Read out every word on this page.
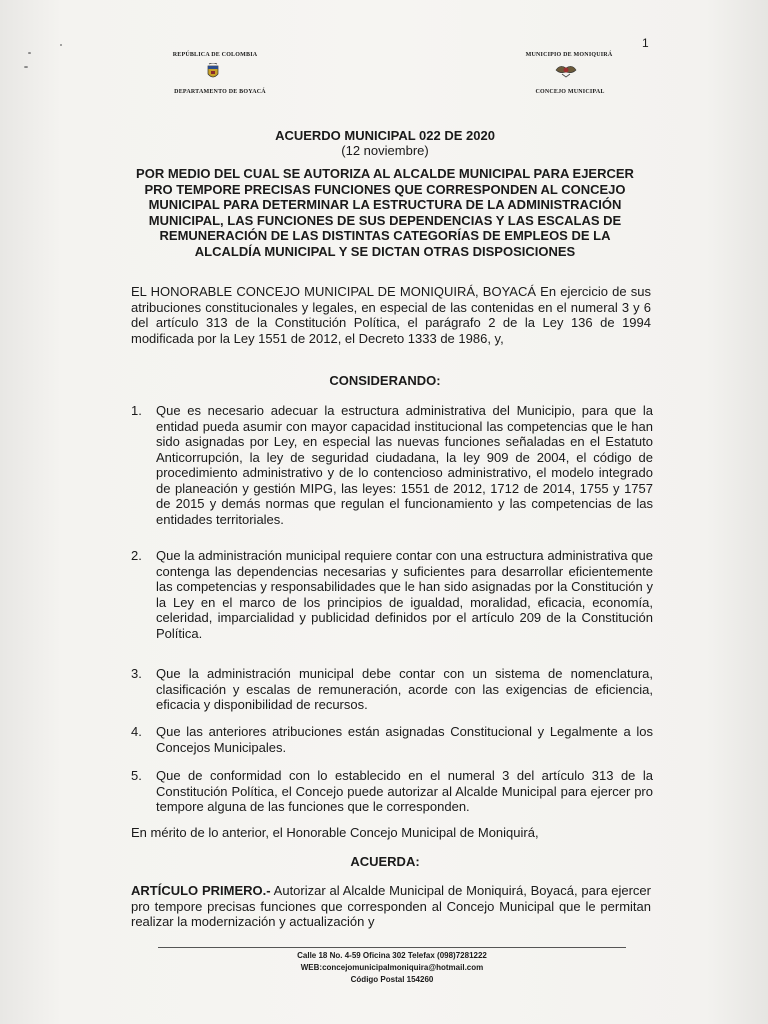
1
REPÚBLICA DE COLOMBIA
DEPARTAMENTO DE BOYACÁ
MUNICIPIO DE MONIQUIRÁ
CONCEJO MUNICIPAL
ACUERDO MUNICIPAL 022 DE 2020
(12 noviembre)
POR MEDIO DEL CUAL SE AUTORIZA AL ALCALDE MUNICIPAL PARA EJERCER PRO TEMPORE PRECISAS FUNCIONES QUE CORRESPONDEN AL CONCEJO MUNICIPAL PARA DETERMINAR LA ESTRUCTURA DE LA ADMINISTRACIÓN MUNICIPAL, LAS FUNCIONES DE SUS DEPENDENCIAS Y LAS ESCALAS DE REMUNERACIÓN DE LAS DISTINTAS CATEGORÍAS DE EMPLEOS DE LA ALCALDÍA MUNICIPAL Y SE DICTAN OTRAS DISPOSICIONES
EL HONORABLE CONCEJO MUNICIPAL DE MONIQUIRÁ, BOYACÁ En ejercicio de sus atribuciones constitucionales y legales, en especial de las contenidas en el numeral 3 y 6 del artículo 313 de la Constitución Política, el parágrafo 2 de la Ley 136 de 1994 modificada por la Ley 1551 de 2012, el Decreto 1333 de 1986, y,
CONSIDERANDO:
1. Que es necesario adecuar la estructura administrativa del Municipio, para que la entidad pueda asumir con mayor capacidad institucional las competencias que le han sido asignadas por Ley, en especial las nuevas funciones señaladas en el Estatuto Anticorrupción, la ley de seguridad ciudadana, la ley 909 de 2004, el código de procedimiento administrativo y de lo contencioso administrativo, el modelo integrado de planeación y gestión MIPG, las leyes: 1551 de 2012, 1712 de 2014, 1755 y 1757 de 2015 y demás normas que regulan el funcionamiento y las competencias de las entidades territoriales.
2. Que la administración municipal requiere contar con una estructura administrativa que contenga las dependencias necesarias y suficientes para desarrollar eficientemente las competencias y responsabilidades que le han sido asignadas por la Constitución y la Ley en el marco de los principios de igualdad, moralidad, eficacia, economía, celeridad, imparcialidad y publicidad definidos por el artículo 209 de la Constitución Política.
3. Que la administración municipal debe contar con un sistema de nomenclatura, clasificación y escalas de remuneración, acorde con las exigencias de eficiencia, eficacia y disponibilidad de recursos.
4. Que las anteriores atribuciones están asignadas Constitucional y Legalmente a los Concejos Municipales.
5. Que de conformidad con lo establecido en el numeral 3 del artículo 313 de la Constitución Política, el Concejo puede autorizar al Alcalde Municipal para ejercer pro tempore alguna de las funciones que le corresponden.
En mérito de lo anterior, el Honorable Concejo Municipal de Moniquirá,
ACUERDA:
ARTÍCULO PRIMERO.- Autorizar al Alcalde Municipal de Moniquirá, Boyacá, para ejercer pro tempore precisas funciones que corresponden al Concejo Municipal que le permitan realizar la modernización y actualización y
Calle 18 No. 4-59 Oficina 302 Telefax (098)7281222
WEB:concejomunicipalmoniquira@hotmail.com
Código Postal 154260
